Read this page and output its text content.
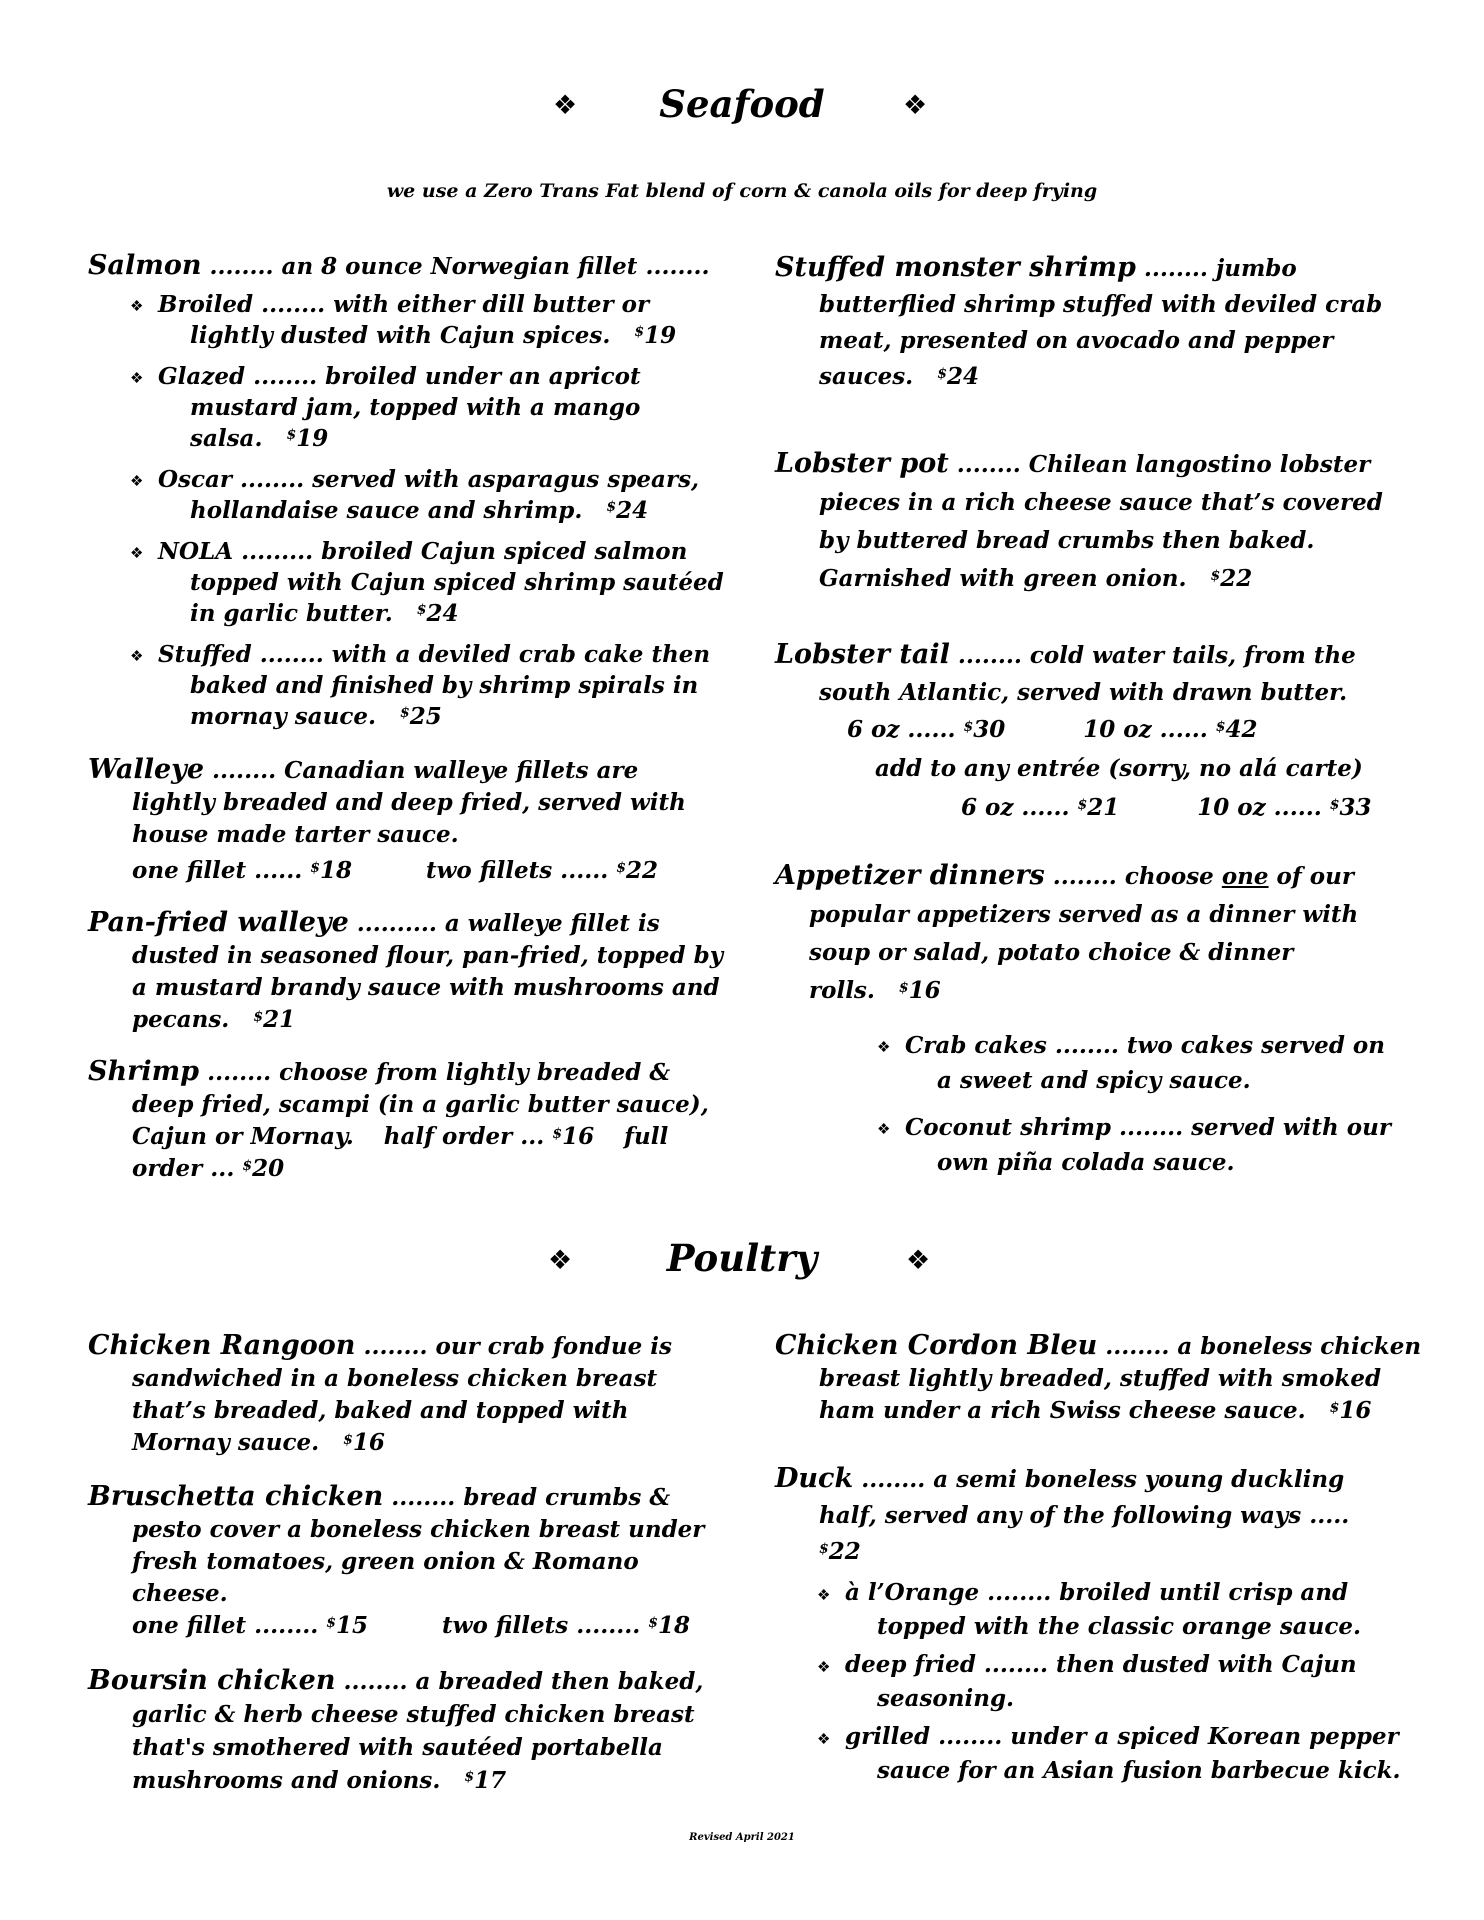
❖	Seafood	❖
we use a Zero Trans Fat blend of corn & canola oils for deep frying
Salmon ........ an 8 ounce Norwegian fillet ........
❖ Broiled ........ with either dill butter or lightly dusted with Cajun spices. $19
❖ Glazed ........ broiled under an apricot mustard jam, topped with a mango salsa. $19
❖ Oscar ........ served with asparagus spears, hollandaise sauce and shrimp. $24
❖ NOLA ......... broiled Cajun spiced salmon topped with Cajun spiced shrimp sautéed in garlic butter. $24
❖ Stuffed ........ with a deviled crab cake then baked and finished by shrimp spirals in mornay sauce. $25
Walleye ........ Canadian walleye fillets are lightly breaded and deep fried, served with house made tarter sauce.
one fillet ...... $18	two fillets ...... $22
Pan-fried walleye .......... a walleye fillet is dusted in seasoned flour, pan-fried, topped by a mustard brandy sauce with mushrooms and pecans. $21
Shrimp ........ choose from lightly breaded & deep fried, scampi (in a garlic butter sauce), Cajun or Mornay. half order ... $16 full order ... $20
Stuffed monster shrimp ........ jumbo butterflied shrimp stuffed with deviled crab meat, presented on avocado and pepper sauces. $24
Lobster pot ........ Chilean langostino lobster pieces in a rich cheese sauce that’s covered by buttered bread crumbs then baked. Garnished with green onion. $22
Lobster tail ........ cold water tails, from the south Atlantic, served with drawn butter.
6 oz ...... $30	10 oz ...... $42
add to any entrée (sorry, no alá carte)
6 oz ...... $21	10 oz ...... $33
Appetizer dinners ........ choose one of our popular appetizers served as a dinner with soup or salad, potato choice & dinner rolls. $16
❖ Crab cakes ........ two cakes served on a sweet and spicy sauce.
❖ Coconut shrimp ........ served with our own piña colada sauce.
❖	Poultry	❖
Chicken Rangoon ........ our crab fondue is sandwiched in a boneless chicken breast that’s breaded, baked and topped with Mornay sauce. $16
Bruschetta chicken ........ bread crumbs & pesto cover a boneless chicken breast under fresh tomatoes, green onion & Romano cheese.
one fillet ........ $15	two fillets ........ $18
Boursin chicken ........ a breaded then baked, garlic & herb cheese stuffed chicken breast that's smothered with sautéed portabella mushrooms and onions. $17
Chicken Cordon Bleu ........ a boneless chicken breast lightly breaded, stuffed with smoked ham under a rich Swiss cheese sauce. $16
Duck ........ a semi boneless young duckling half, served any of the following ways ..... $22
❖ à l’Orange ........ broiled until crisp and topped with the classic orange sauce.
❖ deep fried ........ then dusted with Cajun seasoning.
❖ grilled ........ under a spiced Korean pepper sauce for an Asian fusion barbecue kick.
Revised April 2021
